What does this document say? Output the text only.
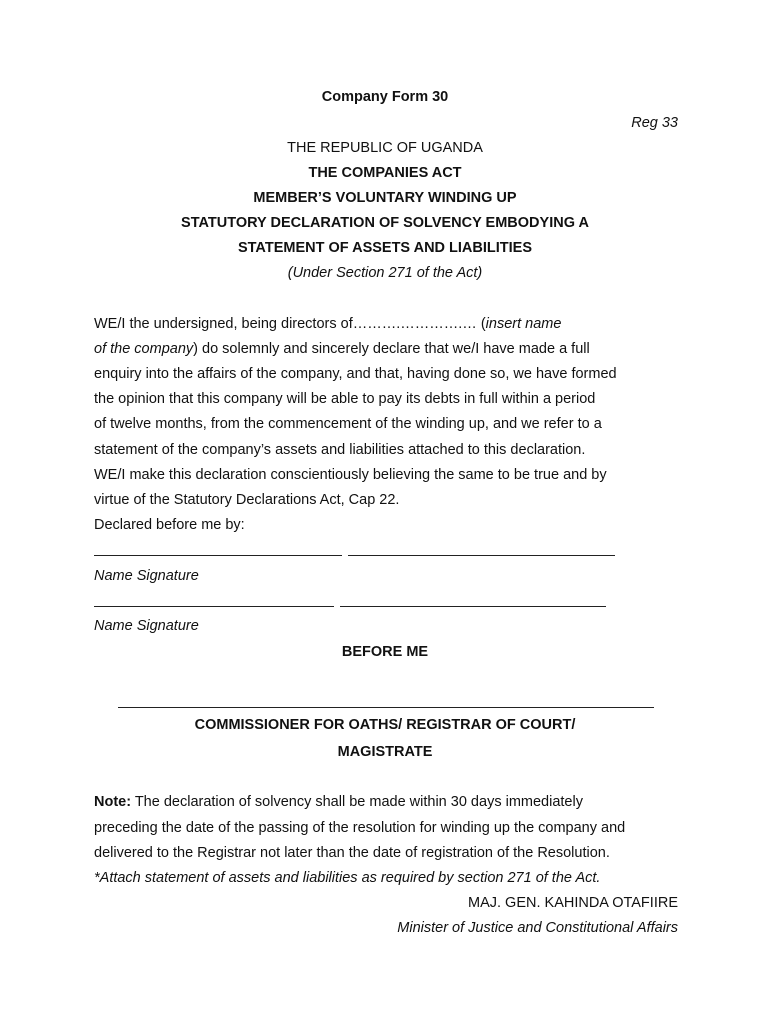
Company Form 30
Reg 33
THE REPUBLIC OF UGANDA
THE COMPANIES ACT
MEMBER’S VOLUNTARY WINDING UP
STATUTORY DECLARATION OF SOLVENCY EMBODYING A
STATEMENT OF ASSETS AND LIABILITIES
(Under Section 271 of the Act)
WE/I the undersigned, being directors of……….………….… (insert name
of the company) do solemnly and sincerely declare that we/I have made a full
enquiry into the affairs of the company, and that, having done so, we have formed
the opinion that this company will be able to pay its debts in full within a period
of twelve months, from the commencement of the winding up, and we refer to a
statement of the company’s assets and liabilities attached to this declaration.
WE/I make this declaration conscientiously believing the same to be true and by
virtue of the Statutory Declarations Act, Cap 22.
Declared before me by:
Name Signature
Name Signature
BEFORE ME
COMMISSIONER FOR OATHS/ REGISTRAR OF COURT/
MAGISTRATE
Note: The declaration of solvency shall be made within 30 days immediately
preceding the date of the passing of the resolution for winding up the company and
delivered to the Registrar not later than the date of registration of the Resolution.
*Attach statement of assets and liabilities as required by section 271 of the Act.
MAJ. GEN. KAHINDA OTAFIIRE
Minister of Justice and Constitutional Affairs
